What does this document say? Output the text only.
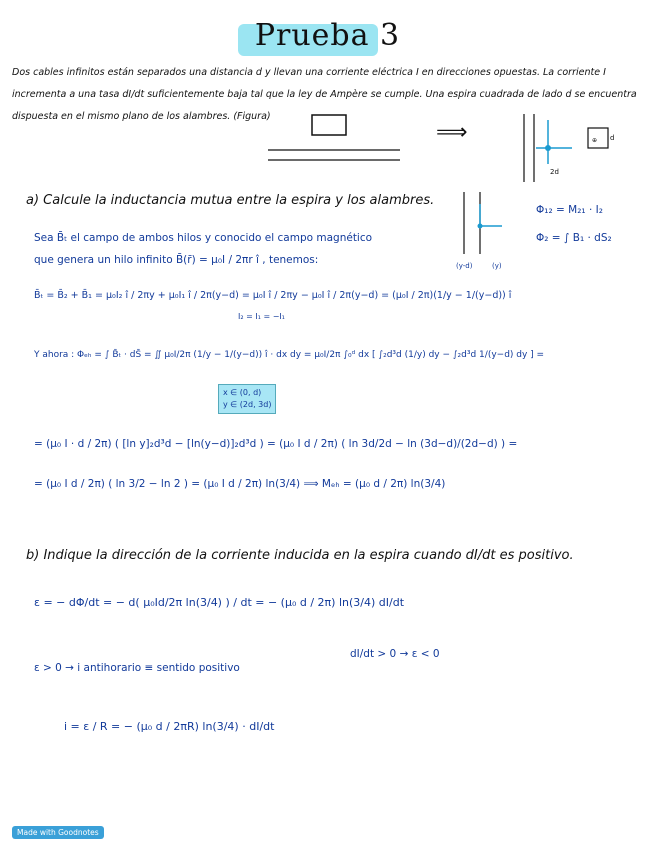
Prueba 3
Dos cables infinitos están separados una distancia d y llevan una corriente eléctrica I en direcciones opuestas. La corriente I incrementa a una tasa dI/dt suficientemente baja tal que la ley de Ampère se cumple. Una espira cuadrada de lado d se encuentra dispuesta en el mismo plano de los alambres. (Figura)
⟹	⊕ d
2d
a) Calcule la inductancia mutua entre la espira y los alambres.
(y-d)	(y)
Φ₁₂ = M₂₁ · I₂
Φ₂ = ∫ B₁ · dS₂
Sea B̄ₜ el campo de ambos hilos y conocido el campo magnético
que genera un hilo infinito B̄(r̄) = μ₀I / 2πr î , tenemos:
B̄ₜ = B̄₂ + B̄₁ = μ₀I₂ î / 2πy + μ₀I₁ î / 2π(y−d) = μ₀I î / 2πy − μ₀I î / 2π(y−d) = (μ₀I / 2π)(1/y − 1/(y−d)) î
I₂ = I₁ = −I₁
Y ahora : Φₑₕ = ∫ B̄ₜ · dS̄ = ∬ μ₀I/2π (1/y − 1/(y−d)) î · dx dy = μ₀I/2π ∫₀ᵈ dx [ ∫₂d³d (1/y) dy − ∫₂d³d 1/(y−d) dy ] =
x ∈ (0, d)
y ∈ (2d, 3d)
= (μ₀ I · d / 2π) ( [ln y]₂d³d − [ln(y−d)]₂d³d ) = (μ₀ I d / 2π) ( ln 3d/2d − ln (3d−d)/(2d−d) ) =
= (μ₀ I d / 2π) ( ln 3/2 − ln 2 ) = (μ₀ I d / 2π) ln(3/4) ⟹ Mₑₕ = (μ₀ d / 2π) ln(3/4)
b) Indique la dirección de la corriente inducida en la espira cuando dI/dt es positivo.
ε = − dΦ/dt = − d( μ₀Id/2π ln(3/4) ) / dt = − (μ₀ d / 2π) ln(3/4) dI/dt
dI/dt > 0 → ε < 0
ε > 0 → i antihorario ≡ sentido positivo
i = ε / R = − (μ₀ d / 2πR) ln(3/4) · dI/dt
Made with Goodnotes
